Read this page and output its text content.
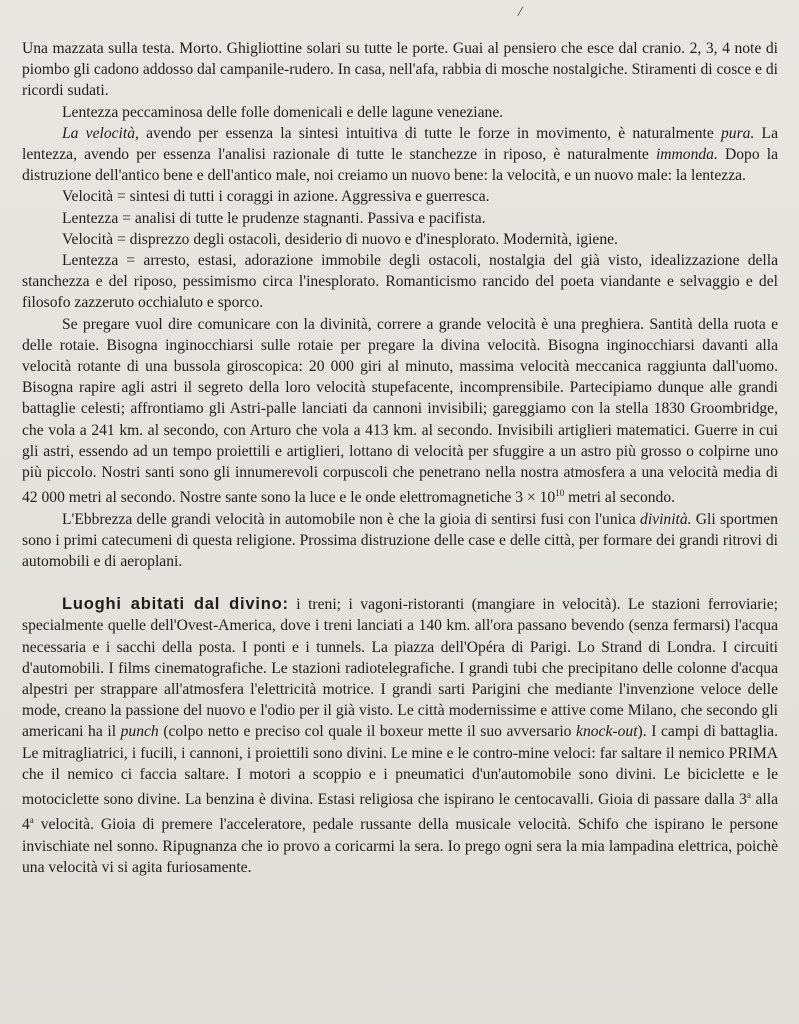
/

Una mazzata sulla testa. Morto. Ghigliottine solari su tutte le porte. Guai al pensiero che esce dal cranio. 2, 3, 4 note di piombo gli cadono addosso dal campanile-rudero. In casa, nell'afa, rabbia di mosche nostalgiche. Stiramenti di cosce e di ricordi sudati.

Lentezza peccaminosa delle folle domenicali e delle lagune veneziane.

La velocità, avendo per essenza la sintesi intuitiva di tutte le forze in movimento, è naturalmente pura. La lentezza, avendo per essenza l'analisi razionale di tutte le stanchezze in riposo, è naturalmente immonda. Dopo la distruzione dell'antico bene e dell'antico male, noi creiamo un nuovo bene: la velocità, e un nuovo male: la lentezza.

Velocità = sintesi di tutti i coraggi in azione. Aggressiva e guerresca.

Lentezza = analisi di tutte le prudenze stagnanti. Passiva e pacifista.

Velocità = disprezzo degli ostacoli, desiderio di nuovo e d'inesplorato. Modernità, igiene.

Lentezza = arresto, estasi, adorazione immobile degli ostacoli, nostalgia del già visto, idealizzazione della stanchezza e del riposo, pessimismo circa l'inesplorato. Romanticismo rancido del poeta viandante e selvaggio e del filosofo zazzeruto occhialuto e sporco.

Se pregare vuol dire comunicare con la divinità, correre a grande velocità è una preghiera. Santità della ruota e delle rotaie. Bisogna inginocchiarsi sulle rotaie per pregare la divina velocità. Bisogna inginocchiarsi davanti alla velocità rotante di una bussola giroscopica: 20 000 giri al minuto, massima velocità meccanica raggiunta dall'uomo. Bisogna rapire agli astri il segreto della loro velocità stupefacente, incomprensibile. Partecipiamo dunque alle grandi battaglie celesti; affrontiamo gli Astri-palle lanciati da cannoni invisibili; gareggiamo con la stella 1830 Groombridge, che vola a 241 km. al secondo, con Arturo che vola a 413 km. al secondo. Invisibili artiglieri matematici. Guerre in cui gli astri, essendo ad un tempo proiettili e artiglieri, lottano di velocità per sfuggire a un astro più grosso o colpirne uno più piccolo. Nostri santi sono gli innumerevoli corpuscoli che penetrano nella nostra atmosfera a una velocità media di 42 000 metri al secondo. Nostre sante sono la luce e le onde elettromagnetiche $3 \times 10^{10}$ metri al secondo.

L'Ebbrezza delle grandi velocità in automobile non è che la gioia di sentirsi fusi con l'unica divinità. Gli sportmen sono i primi catecumeni di questa religione. Prossima distruzione delle case e delle città, per formare dei grandi ritrovi di automobili e di aeroplani.

Luoghi abitati dal divino: i treni; i vagoni-ristoranti (mangiare in velocità). Le stazioni ferroviarie; specialmente quelle dell'Ovest-America, dove i treni lanciati a 140 km. all'ora passano bevendo (senza fermarsi) l'acqua necessaria e i sacchi della posta. I ponti e i tunnels. La piazza dell'Opéra di Parigi. Lo Strand di Londra. I circuiti d'automobili. I films cinematografiche. Le stazioni radiotelegrafiche. I grandi tubi che precipitano delle colonne d'acqua alpestri per strappare all'atmosfera l'elettricità motrice. I grandi sarti Parigini che mediante l'invenzione veloce delle mode, creano la passione del nuovo e l'odio per il già visto. Le città modernissime e attive come Milano, che secondo gli americani ha il punch (colpo netto e preciso col quale il boxeur mette il suo avversario knock-out). I campi di battaglia. Le mitragliatrici, i fucili, i cannoni, i proiettili sono divini. Le mine e le contro-mine veloci: far saltare il nemico PRIMA che il nemico ci faccia saltare. I motori a scoppio e i pneumatici d'un'automobile sono divini. Le biciclette e le motociclette sono divine. La benzina è divina. Estasi religiosa che ispirano le centocavalli. Gioia di passare dalla 3$^a$ alla 4$^a$ velocità. Gioia di premere l'acceleratore, pedale russante della musicale velocità. Schifo che ispirano le persone invischiate nel sonno. Ripugnanza che io provo a coricarmi la sera. Io prego ogni sera la mia lampadina elettrica, poichè una velocità vi si agita furiosamente.
